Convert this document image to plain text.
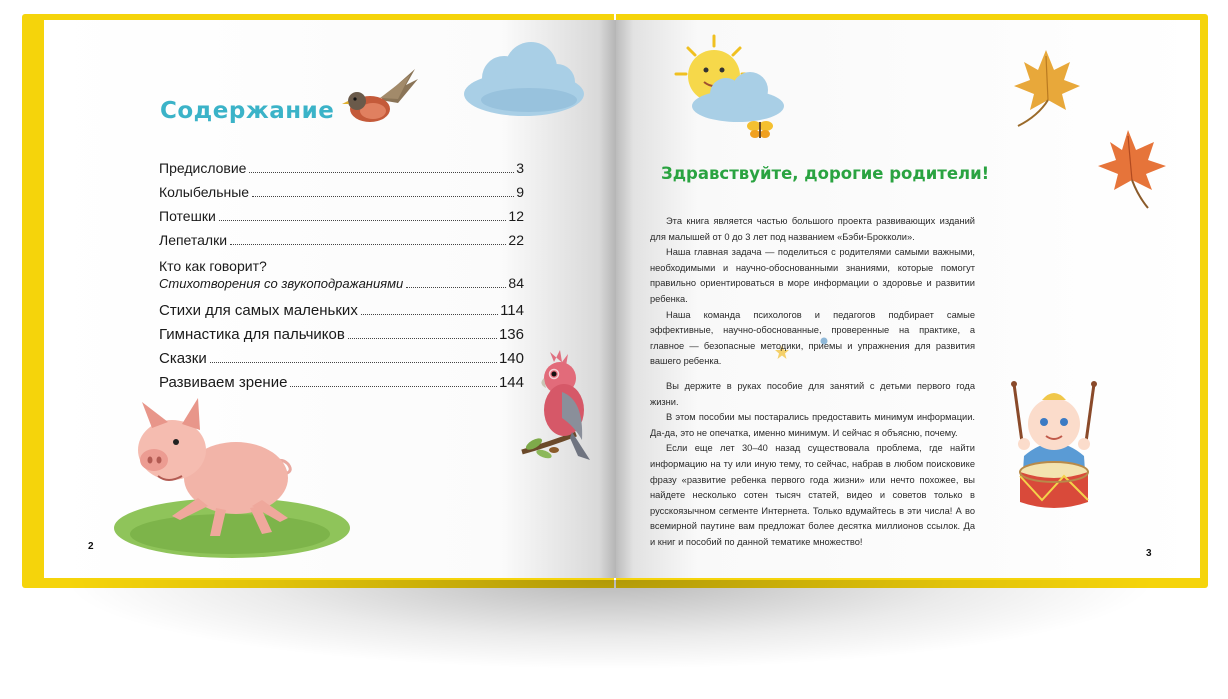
Содержание
Предисловие	3
Колыбельные	9
Потешки	12
Лепеталки	22
Кто как говорит?
Стихотворения со звукоподражаниями	84
Стихи для самых маленьких	114
Гимнастика для пальчиков	136
Сказки	140
Развиваем зрение	144
2
Здравствуйте, дорогие родители!

Эта книга является частью большого проекта развивающих изданий для малышей от 0 до 3 лет под названием «Бэби-Брокколи».

Наша главная задача — поделиться с родителями самыми важными, необходимыми и научно-обоснованными знаниями, которые помогут правильно ориентироваться в море информации о здоровье и развитии ребенка.

Наша команда психологов и педагогов подбирает самые эффективные, научно-обоснованные, проверенные на практике, а главное — безопасные методики, приемы и упражнения для развития вашего ребенка.

Вы держите в руках пособие для занятий с детьми первого года жизни.

В этом пособии мы постарались предоставить минимум информации. Да-да, это не опечатка, именно минимум. И сейчас я объясню, почему.

Если еще лет 30–40 назад существовала проблема, где найти информацию на ту или иную тему, то сейчас, набрав в любом поисковике фразу «развитие ребенка первого года жизни» или нечто похожее, вы найдете несколько сотен тысяч статей, видео и советов только в русскоязычном сегменте Интернета. Только вдумайтесь в эти числа! А во всемирной паутине вам предложат более десятка миллионов ссылок. Да и книг и пособий по данной тематике множество!

3
